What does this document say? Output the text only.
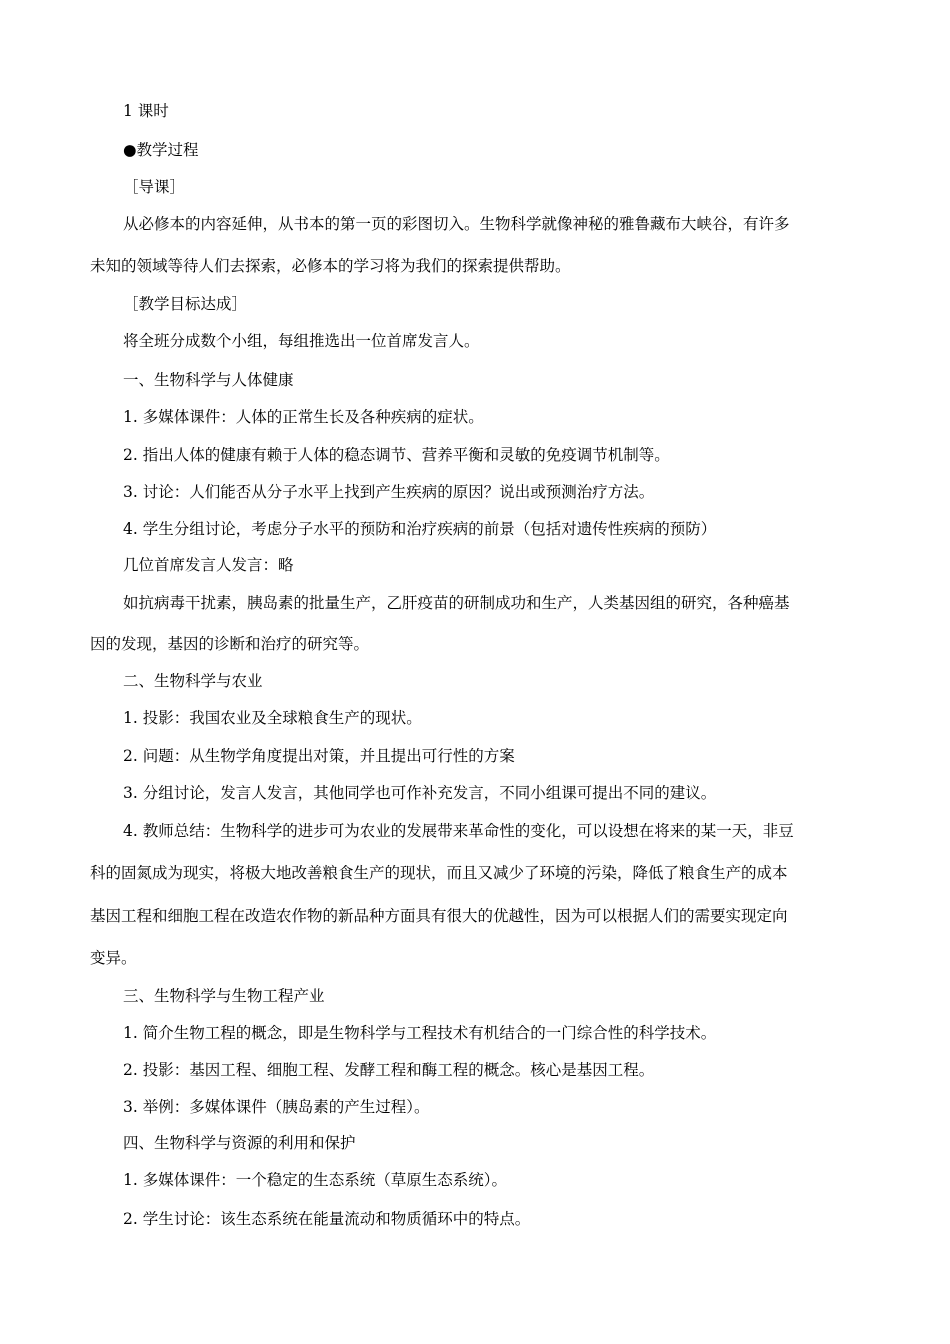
1 课时
●教学过程
［导课］
从必修本的内容延伸，从书本的第一页的彩图切入。生物科学就像神秘的雅鲁藏布大峡谷，有许多
未知的领域等待人们去探索，必修本的学习将为我们的探索提供帮助。
［教学目标达成］
将全班分成数个小组，每组推选出一位首席发言人。
一、生物科学与人体健康
1. 多媒体课件：人体的正常生长及各种疾病的症状。
2. 指出人体的健康有赖于人体的稳态调节、营养平衡和灵敏的免疫调节机制等。
3. 讨论：人们能否从分子水平上找到产生疾病的原因？说出或预测治疗方法。
4. 学生分组讨论，考虑分子水平的预防和治疗疾病的前景（包括对遗传性疾病的预防）
几位首席发言人发言：略
如抗病毒干扰素，胰岛素的批量生产，乙肝疫苗的研制成功和生产，人类基因组的研究，各种癌基
因的发现，基因的诊断和治疗的研究等。
二、生物科学与农业
1. 投影：我国农业及全球粮食生产的现状。
2. 问题：从生物学角度提出对策，并且提出可行性的方案
3. 分组讨论，发言人发言，其他同学也可作补充发言，不同小组课可提出不同的建议。
4. 教师总结：生物科学的进步可为农业的发展带来革命性的变化，可以设想在将来的某一天，非豆
科的固氮成为现实，将极大地改善粮食生产的现状，而且又减少了环境的污染，降低了粮食生产的成本
基因工程和细胞工程在改造农作物的新品种方面具有很大的优越性，因为可以根据人们的需要实现定向
变异。
三、生物科学与生物工程产业
1. 简介生物工程的概念，即是生物科学与工程技术有机结合的一门综合性的科学技术。
2. 投影：基因工程、细胞工程、发酵工程和酶工程的概念。核心是基因工程。
3. 举例：多媒体课件（胰岛素的产生过程）。
四、生物科学与资源的利用和保护
1. 多媒体课件：一个稳定的生态系统（草原生态系统）。
2. 学生讨论：该生态系统在能量流动和物质循环中的特点。
